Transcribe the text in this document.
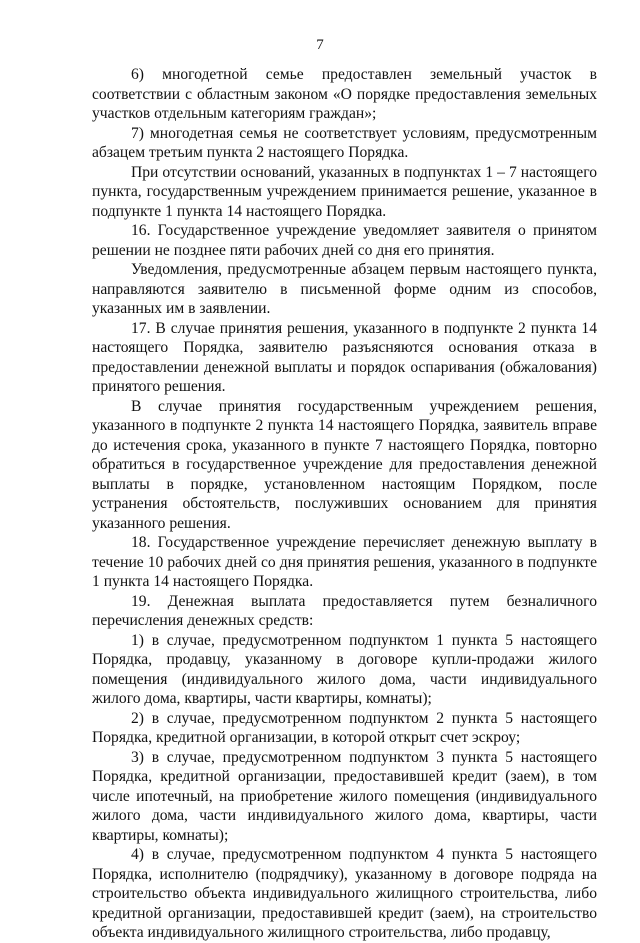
7

6) многодетной семье предоставлен земельный участок в соответствии с областным законом «О порядке предоставления земельных участков отдельным категориям граждан»;

7) многодетная семья не соответствует условиям, предусмотренным абзацем третьим пункта 2 настоящего Порядка.

При отсутствии оснований, указанных в подпунктах 1 – 7 настоящего пункта, государственным учреждением принимается решение, указанное в подпункте 1 пункта 14 настоящего Порядка.

16. Государственное учреждение уведомляет заявителя о принятом решении не позднее пяти рабочих дней со дня его принятия.

Уведомления, предусмотренные абзацем первым настоящего пункта, направляются заявителю в письменной форме одним из способов, указанных им в заявлении.

17. В случае принятия решения, указанного в подпункте 2 пункта 14 настоящего Порядка, заявителю разъясняются основания отказа в предоставлении денежной выплаты и порядок оспаривания (обжалования) принятого решения.

В случае принятия государственным учреждением решения, указанного в подпункте 2 пункта 14 настоящего Порядка, заявитель вправе до истечения срока, указанного в пункте 7 настоящего Порядка, повторно обратиться в государственное учреждение для предоставления денежной выплаты в порядке, установленном настоящим Порядком, после устранения обстоятельств, послуживших основанием для принятия указанного решения.

18. Государственное учреждение перечисляет денежную выплату в течение 10 рабочих дней со дня принятия решения, указанного в подпункте 1 пункта 14 настоящего Порядка.

19. Денежная выплата предоставляется путем безналичного перечисления денежных средств:

1) в случае, предусмотренном подпунктом 1 пункта 5 настоящего Порядка, продавцу, указанному в договоре купли-продажи жилого помещения (индивидуального жилого дома, части индивидуального жилого дома, квартиры, части квартиры, комнаты);

2) в случае, предусмотренном подпунктом 2 пункта 5 настоящего Порядка, кредитной организации, в которой открыт счет эскроу;

3) в случае, предусмотренном подпунктом 3 пункта 5 настоящего Порядка, кредитной организации, предоставившей кредит (заем), в том числе ипотечный, на приобретение жилого помещения (индивидуального жилого дома, части индивидуального жилого дома, квартиры, части квартиры, комнаты);

4) в случае, предусмотренном подпунктом 4 пункта 5 настоящего Порядка, исполнителю (подрядчику), указанному в договоре подряда на строительство объекта индивидуального жилищного строительства, либо кредитной организации, предоставившей кредит (заем), на строительство объекта индивидуального жилищного строительства, либо продавцу,
